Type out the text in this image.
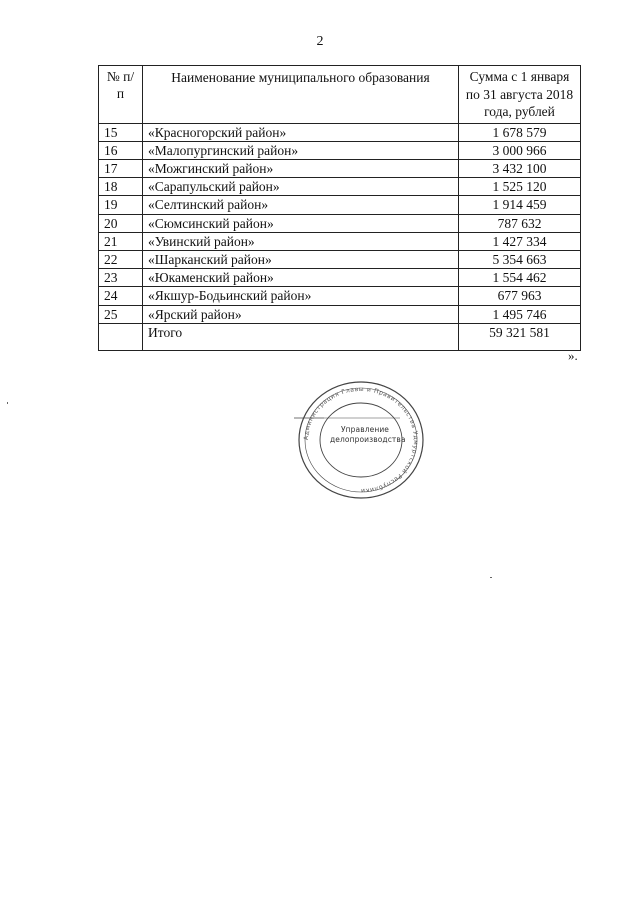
2
№ п/п	Наименование муниципального образования	Сумма с 1 января по 31 августа 2018 года, рублей
15	«Красногорский район»	1 678 579
16	«Малопургинский район»	3 000 966
17	«Можгинский район»	3 432 100
18	«Сарапульский район»	1 525 120
19	«Селтинский район»	1 914 459
20	«Сюмсинский район»	787 632
21	«Увинский район»	1 427 334
22	«Шарканский район»	5 354 663
23	«Юкаменский район»	1 554 462
24	«Якшур-Бодьинский район»	677 963
25	«Ярский район»	1 495 746
	Итого	59 321 581
».
Администрация Главы и Правительства Удмуртской Республики
Управление
делопроизводства
